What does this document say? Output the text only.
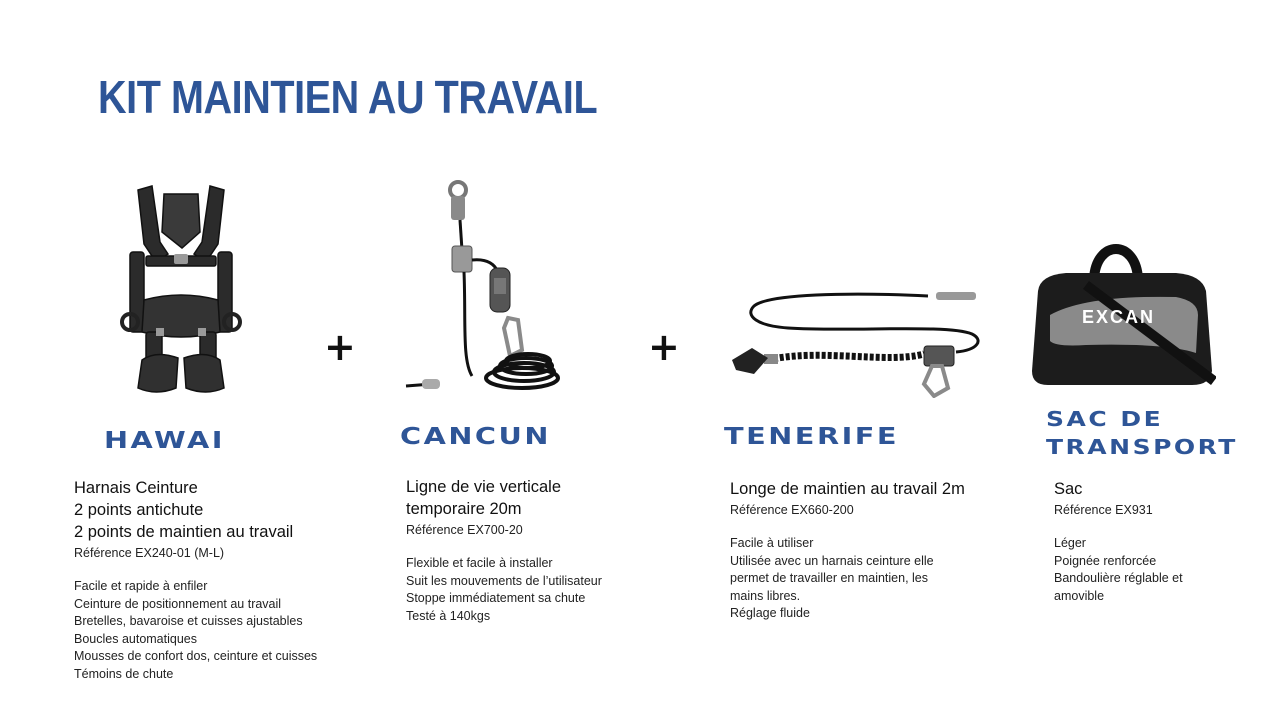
KIT MAINTIEN AU TRAVAIL
+	+
EXCAN
HAWAI	CANCUN	TENERIFE
SAC DE
TRANSPORT
Harnais Ceinture
2 points antichute
2 points de maintien au travail
Référence EX240-01 (M-L)
Facile et rapide à enfiler
Ceinture de positionnement au travail
Bretelles, bavaroise et cuisses ajustables
Boucles automatiques
Mousses de confort dos, ceinture et cuisses
Témoins de chute
Ligne de vie verticale
temporaire 20m
Référence EX700-20
Flexible et facile à installer
Suit les mouvements de l’utilisateur
Stoppe immédiatement sa chute
Testé à 140kgs
Longe de maintien au travail 2m
Référence EX660-200
Facile à utiliser
Utilisée avec un harnais ceinture elle
permet de travailler en maintien, les
mains libres.
Réglage fluide
Sac
Référence EX931
Léger
Poignée renforcée
Bandoulière réglable et
amovible
